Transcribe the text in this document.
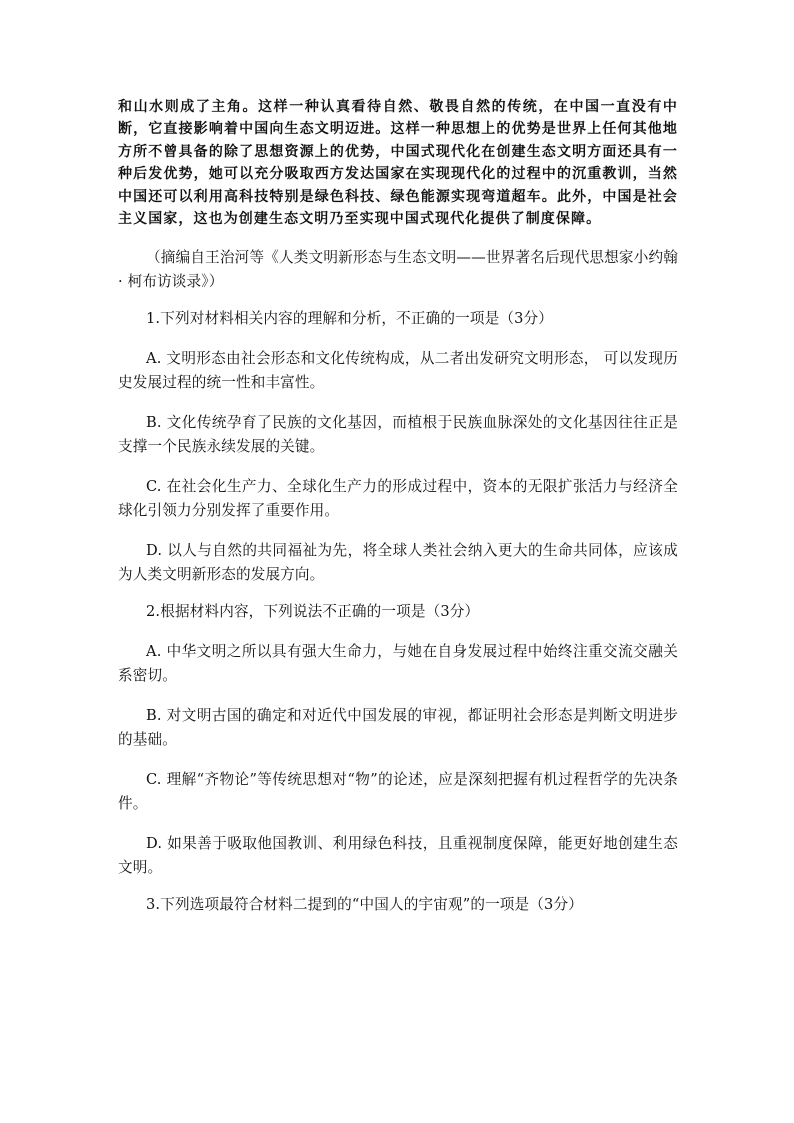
和山水则成了主角。这样一种认真看待自然、敬畏自然的传统，在中国一直没有中断，它直接影响着中国向生态文明迈进。这样一种思想上的优势是世界上任何其他地方所不曾具备的除了思想资源上的优势，中国式现代化在创建生态文明方面还具有一种后发优势，她可以充分吸取西方发达国家在实现现代化的过程中的沉重教训，当然中国还可以利用高科技特别是绿色科技、绿色能源实现弯道超车。此外，中国是社会主义国家，这也为创建生态文明乃至实现中国式现代化提供了制度保障。

（摘编自王治河等《人类文明新形态与生态文明——世界著名后现代思想家小约翰· 柯布访谈录》）

1.下列对材料相关内容的理解和分析，不正确的一项是（3分）

A. 文明形态由社会形态和文化传统构成，从二者出发研究文明形态， 可以发现历史发展过程的统一性和丰富性。

B. 文化传统孕育了民族的文化基因，而植根于民族血脉深处的文化基因往往正是支撑一个民族永续发展的关键。

C. 在社会化生产力、全球化生产力的形成过程中，资本的无限扩张活力与经济全球化引领力分别发挥了重要作用。

D. 以人与自然的共同福祉为先，将全球人类社会纳入更大的生命共同体，应该成为人类文明新形态的发展方向。

2.根据材料内容，下列说法不正确的一项是（3分）

A. 中华文明之所以具有强大生命力，与她在自身发展过程中始终注重交流交融关系密切。

B. 对文明古国的确定和对近代中国发展的审视，都证明社会形态是判断文明进步的基础。

C. 理解“齐物论”等传统思想对“物”的论述，应是深刻把握有机过程哲学的先决条件。

D. 如果善于吸取他国教训、利用绿色科技，且重视制度保障，能更好地创建生态文明。

3.下列选项最符合材料二提到的“中国人的宇宙观”的一项是（3分）
